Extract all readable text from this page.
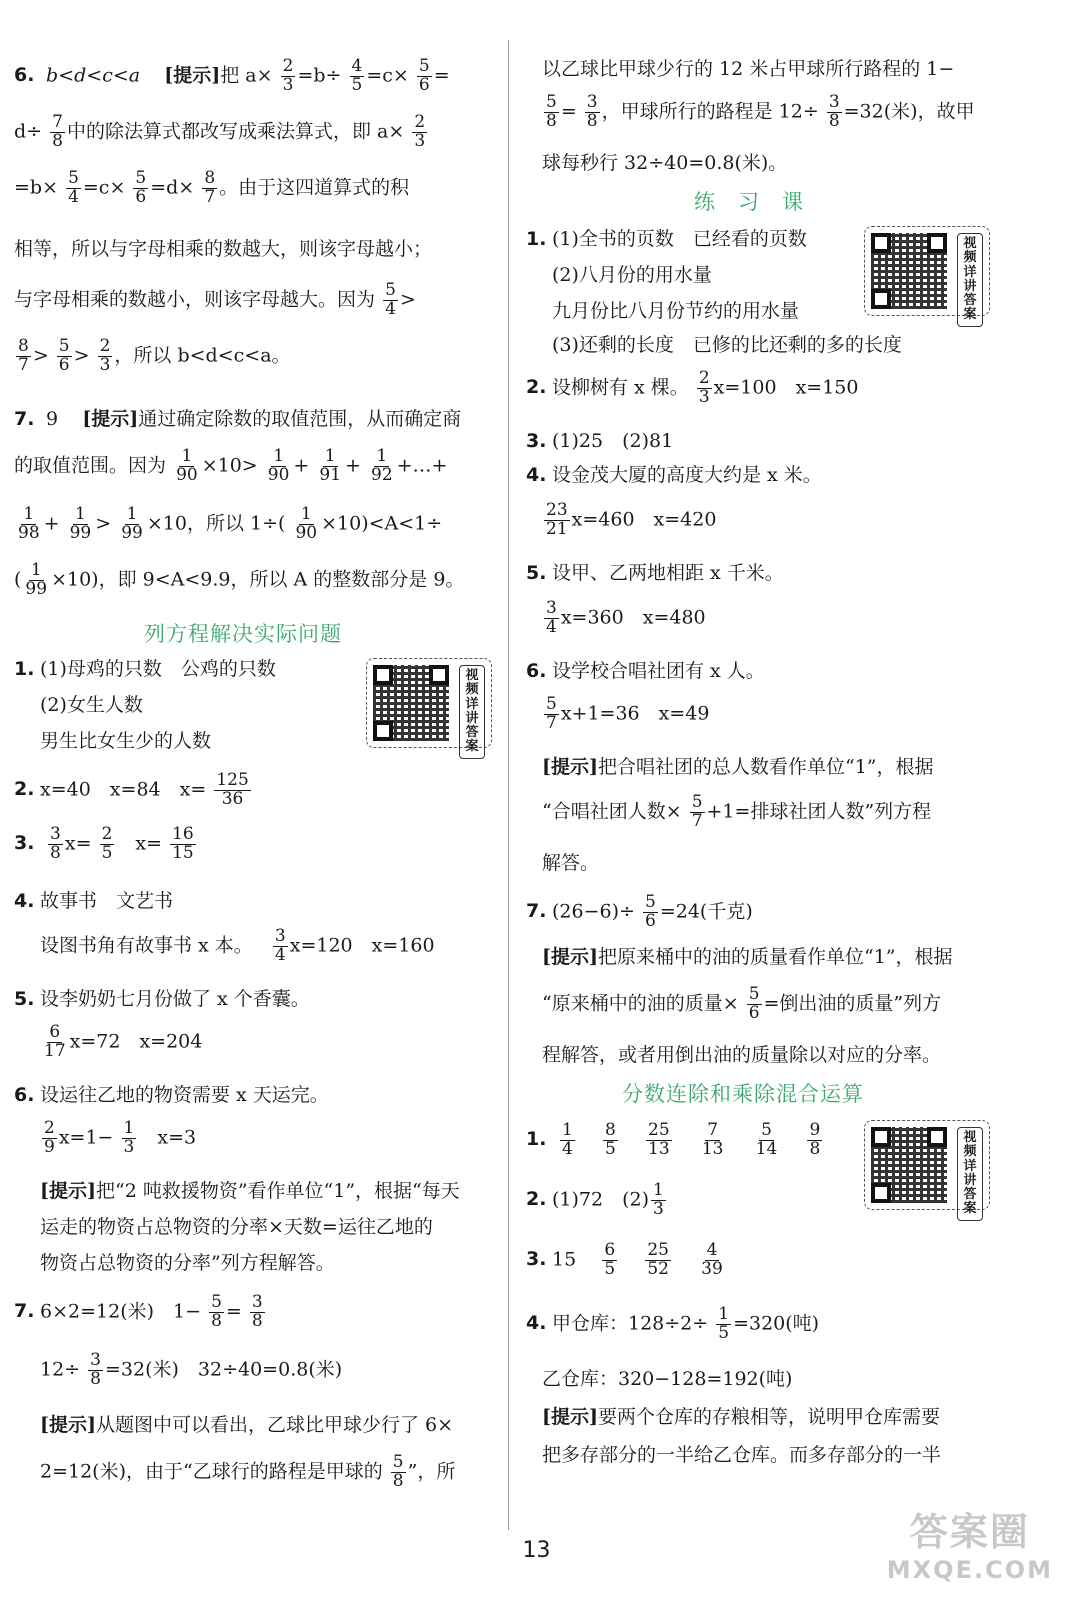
6. b<d<c<a [提示]把 $a\times \frac{2}{3} =b\div \frac{4}{5} =c\times \frac{5}{6}$ =
$d\div \frac{7}{8}$ 中的除法算式都改写成乘法算式，即 $a\times \frac{2}{3}$
$=b\times \frac{5}{4} =c\times \frac{5}{6} =d\times \frac{8}{7}$ 。由于这四道算式的积
相等，所以与字母相乘的数越大，则该字母越小；
与字母相乘的数越小，则该字母越大。因为 $\frac{5}{4}$ >
$\frac{8}{7} > \frac{5}{6} > \frac{2}{3}$ ，所以 b<d<c<a。
7. 9 [提示]通过确定除数的取值范围，从而确定商
的取值范围。因为 $\frac{1}{90} \times 10> \frac{1}{90} + \frac{1}{91} + \frac{1}{92}$ +…+
$\frac{1}{98} + \frac{1}{99} > \frac{1}{99} \times 10$，所以 $1\div( \frac{1}{90} \times 10)<A<1\div$
( $\frac{1}{99} \times 10$)，即 9<A<9.9，所以 A 的整数部分是 9。
列方程解决实际问题
1. (1)母鸡的只数　公鸡的只数
(2)女生人数
男生比女生少的人数
视频详讲答案
2. x=40　x=84　$x= \frac{125}{36}$
3. $\frac{3}{8} x= \frac{2}{5}$ 　$x= \frac{16}{15}$
4. 故事书　文艺书
设图书角有故事书 x 本。 $\frac{3}{4} x=120$　x=160
5. 设李奶奶七月份做了 x 个香囊。
$\frac{6}{17} x=72$　x=204
6. 设运往乙地的物资需要 x 天运完。
$\frac{2}{9} x=1- \frac{1}{3}$ 　x=3
[提示]把“2 吨救援物资”看作单位“1”，根据“每天
运走的物资占总物资的分率×天数=运往乙地的
物资占总物资的分率”列方程解答。
7. 6×2=12(米)　$1- \frac{5}{8} = \frac{3}{8}$
$12\div \frac{3}{8} =32$(米)　32÷40=0.8(米)
[提示]从题图中可以看出，乙球比甲球少行了 6×
2=12(米)，由于“乙球行的路程是甲球的 $\frac{5}{8}$ ”，所
以乙球比甲球少行的 12 米占甲球所行路程的 1−
$\frac{5}{8} = \frac{3}{8}$ ，甲球所行的路程是 $12\div \frac{3}{8} =32$(米)，故甲
球每秒行 32÷40=0.8(米)。
练　习　课
1. (1)全书的页数　已经看的页数
(2)八月份的用水量
九月份比八月份节约的用水量
(3)还剩的长度　已修的比还剩的多的长度
视频详讲答案
2. 设柳树有 x 棵。 $\frac{2}{3} x=100$　x=150
3. (1)25　(2)81
4. 设金茂大厦的高度大约是 x 米。
$\frac{23}{21} x=460$　x=420
5. 设甲、乙两地相距 x 千米。
$\frac{3}{4} x=360$　x=480
6. 设学校合唱社团有 x 人。
$\frac{5}{7} x+1=36$　x=49
[提示]把合唱社团的总人数看作单位“1”，根据
“合唱社团人数× $\frac{5}{7} +1=$排球社团人数”列方程
解答。
7. $(26-6)\div \frac{5}{6} =24$(千克)
[提示]把原来桶中的油的质量看作单位“1”，根据
“原来桶中的油的质量× $\frac{5}{6}$ =倒出油的质量”列方
程解答，或者用倒出油的质量除以对应的分率。
分数连除和乘除混合运算
1. $\frac{1}{4}$
$\frac{8}{5}$
$\frac{25}{13}$
$\frac{7}{13}$
$\frac{5}{14}$
$\frac{9}{8}$	视频详讲答案
2. (1)72　$(2) \frac{1}{3}$
3. $15 \frac{6}{5}$
$\frac{25}{52}$
$\frac{4}{39}$
4. 甲仓库：$128\div 2\div \frac{1}{5} =320$(吨)
乙仓库：320−128=192(吨)
[提示]要两个仓库的存粮相等，说明甲仓库需要
把多存部分的一半给乙仓库。而多存部分的一半
13	答案圈
MXQE.COM
